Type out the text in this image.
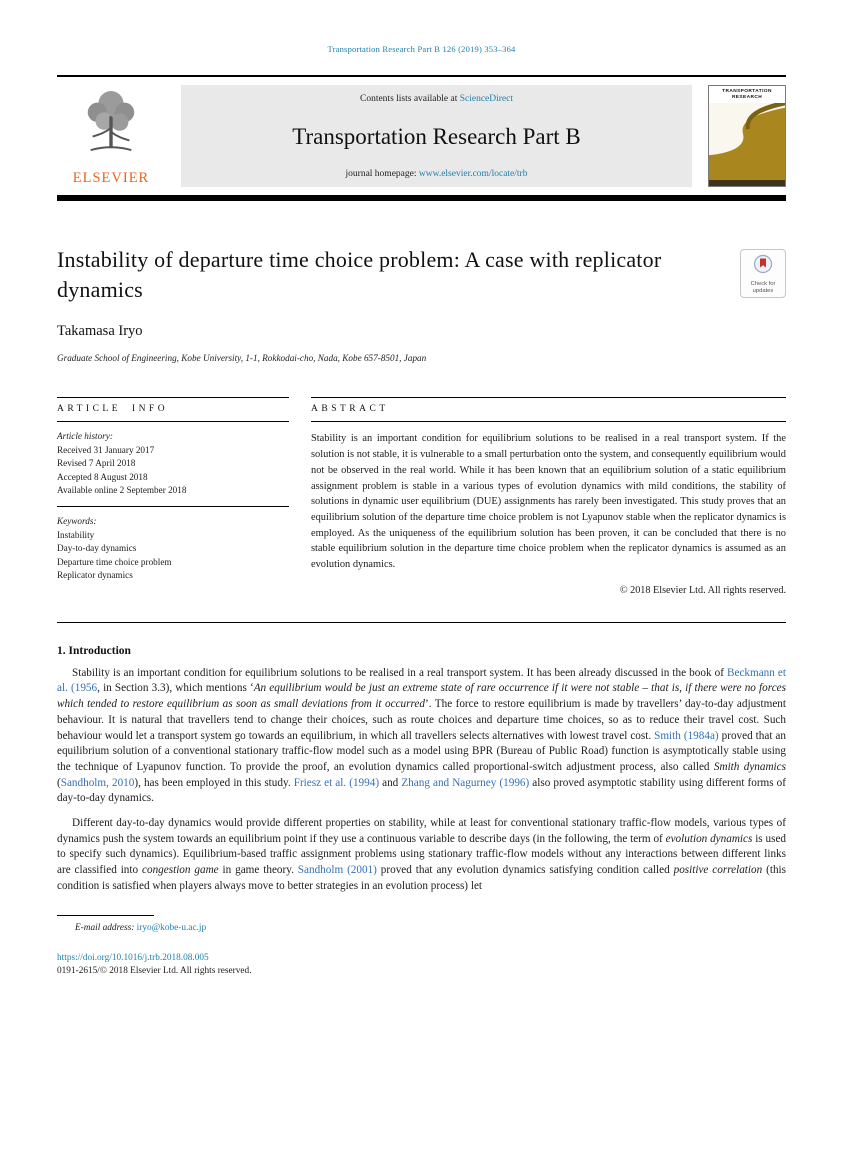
Transportation Research Part B 126 (2019) 353–364
ELSEVIER
Contents lists available at ScienceDirect
Transportation Research Part B
journal homepage: www.elsevier.com/locate/trb
TRANSPORTATION RESEARCH
Instability of departure time choice problem: A case with replicator dynamics	Check for updates
Takamasa Iryo
Graduate School of Engineering, Kobe University, 1-1, Rokkodai-cho, Nada, Kobe 657-8501, Japan
ARTICLE INFO
Article history:
Received 31 January 2017
Revised 7 April 2018
Accepted 8 August 2018
Available online 2 September 2018
Keywords:
Instability
Day-to-day dynamics
Departure time choice problem
Replicator dynamics
ABSTRACT
Stability is an important condition for equilibrium solutions to be realised in a real transport system. If the solution is not stable, it is vulnerable to a small perturbation onto the system, and consequently equilibrium would not be observed in the real world. While it has been known that an equilibrium solution of a static equilibrium assignment problem is stable in a various types of evolution dynamics with mild conditions, the stability of solutions in dynamic user equilibrium (DUE) assignments has rarely been investigated. This study proves that an equilibrium solution of the departure time choice problem is not Lyapunov stable when the replicator dynamics is employed. As the uniqueness of the equilibrium solution has been proven, it can be concluded that there is no stable equilibrium solution in the departure time choice problem when the replicator dynamics is assumed as an evolution dynamics.
© 2018 Elsevier Ltd. All rights reserved.
1. Introduction

Stability is an important condition for equilibrium solutions to be realised in a real transport system. It has been already discussed in the book of Beckmann et al. (1956, in Section 3.3), which mentions ‘An equilibrium would be just an extreme state of rare occurrence if it were not stable – that is, if there were no forces which tended to restore equilibrium as soon as small deviations from it occurred’. The force to restore equilibrium is made by travellers’ day-to-day adjustment behaviour. It is natural that travellers tend to change their choices, such as route choices and departure time choices, so as to reduce their travel cost. Such behaviour would let a transport system go towards an equilibrium, in which all travellers selects alternatives with lowest travel cost. Smith (1984a) proved that an equilibrium solution of a conventional stationary traffic-flow model such as a model using BPR (Bureau of Public Road) function is asymptotically stable using the technique of Lyapunov function. To provide the proof, an evolution dynamics called proportional-switch adjustment process, also called Smith dynamics (Sandholm, 2010), has been employed in this study. Friesz et al. (1994) and Zhang and Nagurney (1996) also proved asymptotic stability using different forms of day-to-day dynamics.

Different day-to-day dynamics would provide different properties on stability, while at least for conventional stationary traffic-flow models, various types of dynamics push the system towards an equilibrium point if they use a continuous variable to describe days (in the following, the term of evolution dynamics is used to specify such dynamics). Equilibrium-based traffic assignment problems using stationary traffic-flow models without any interactions between different links are classified into congestion game in game theory. Sandholm (2001) proved that any evolution dynamics satisfying condition called positive correlation (this condition is satisfied when players always move to better strategies in an evolution process) let

E-mail address: iryo@kobe-u.ac.jp
https://doi.org/10.1016/j.trb.2018.08.005
0191-2615/© 2018 Elsevier Ltd. All rights reserved.
